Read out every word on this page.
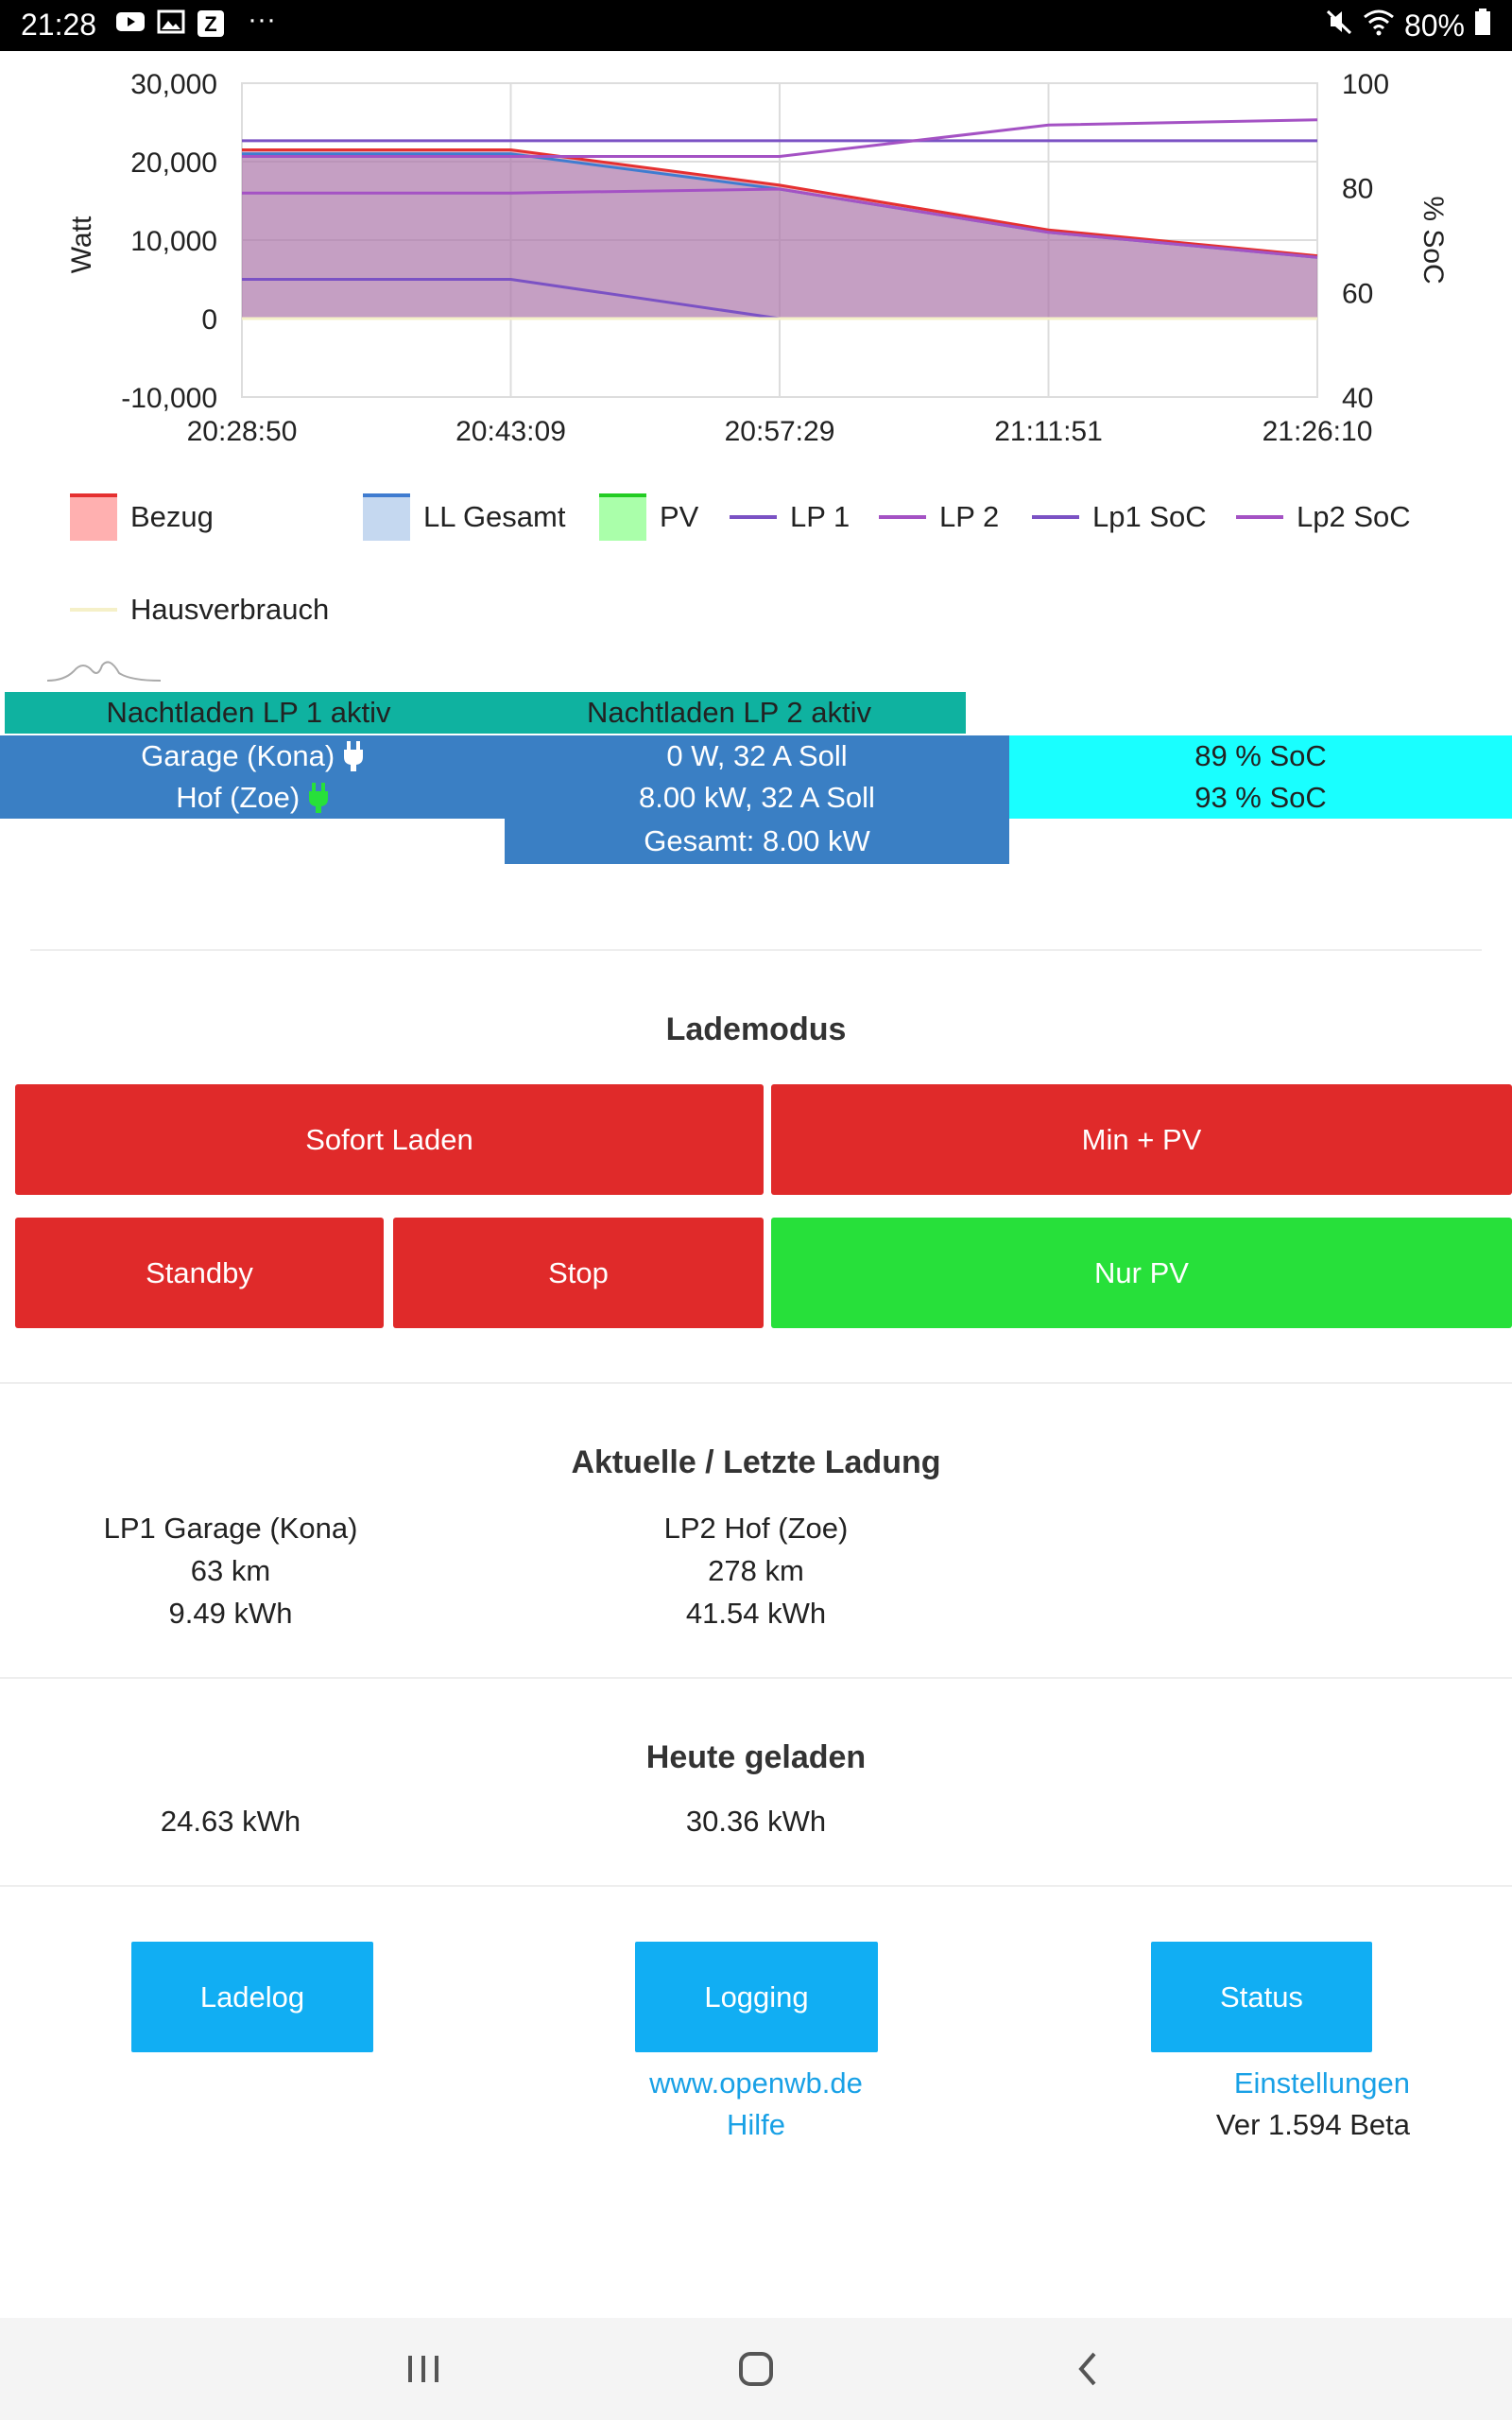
21:28	Z ···	80%
30,000
20,000
10,000
0
-10,000
100
80
60
40
20:28:50	20:43:09	20:57:29	21:11:51	21:26:10
Watt	% SoC
Bezug	LL Gesamt	PV	LP 1	LP 2	Lp1 SoC	Lp2 SoC
Hausverbrauch
Nachtladen LP 1 aktiv	Nachtladen LP 2 aktiv
Garage (Kona)	0 W, 32 A Soll	89 % SoC
Hof (Zoe)	8.00 kW, 32 A Soll	93 % SoC
Gesamt: 8.00 kW
Lademodus
Sofort Laden	Min + PV
Standby	Stop	Nur PV
Aktuelle / Letzte Ladung
LP1 Garage (Kona)
63 km
9.49 kWh
LP2 Hof (Zoe)
278 km
41.54 kWh
Heute geladen
24.63 kWh	30.36 kWh
Ladelog	Logging	Status
www.openwb.de
Hilfe
Einstellungen
Ver 1.594 Beta
